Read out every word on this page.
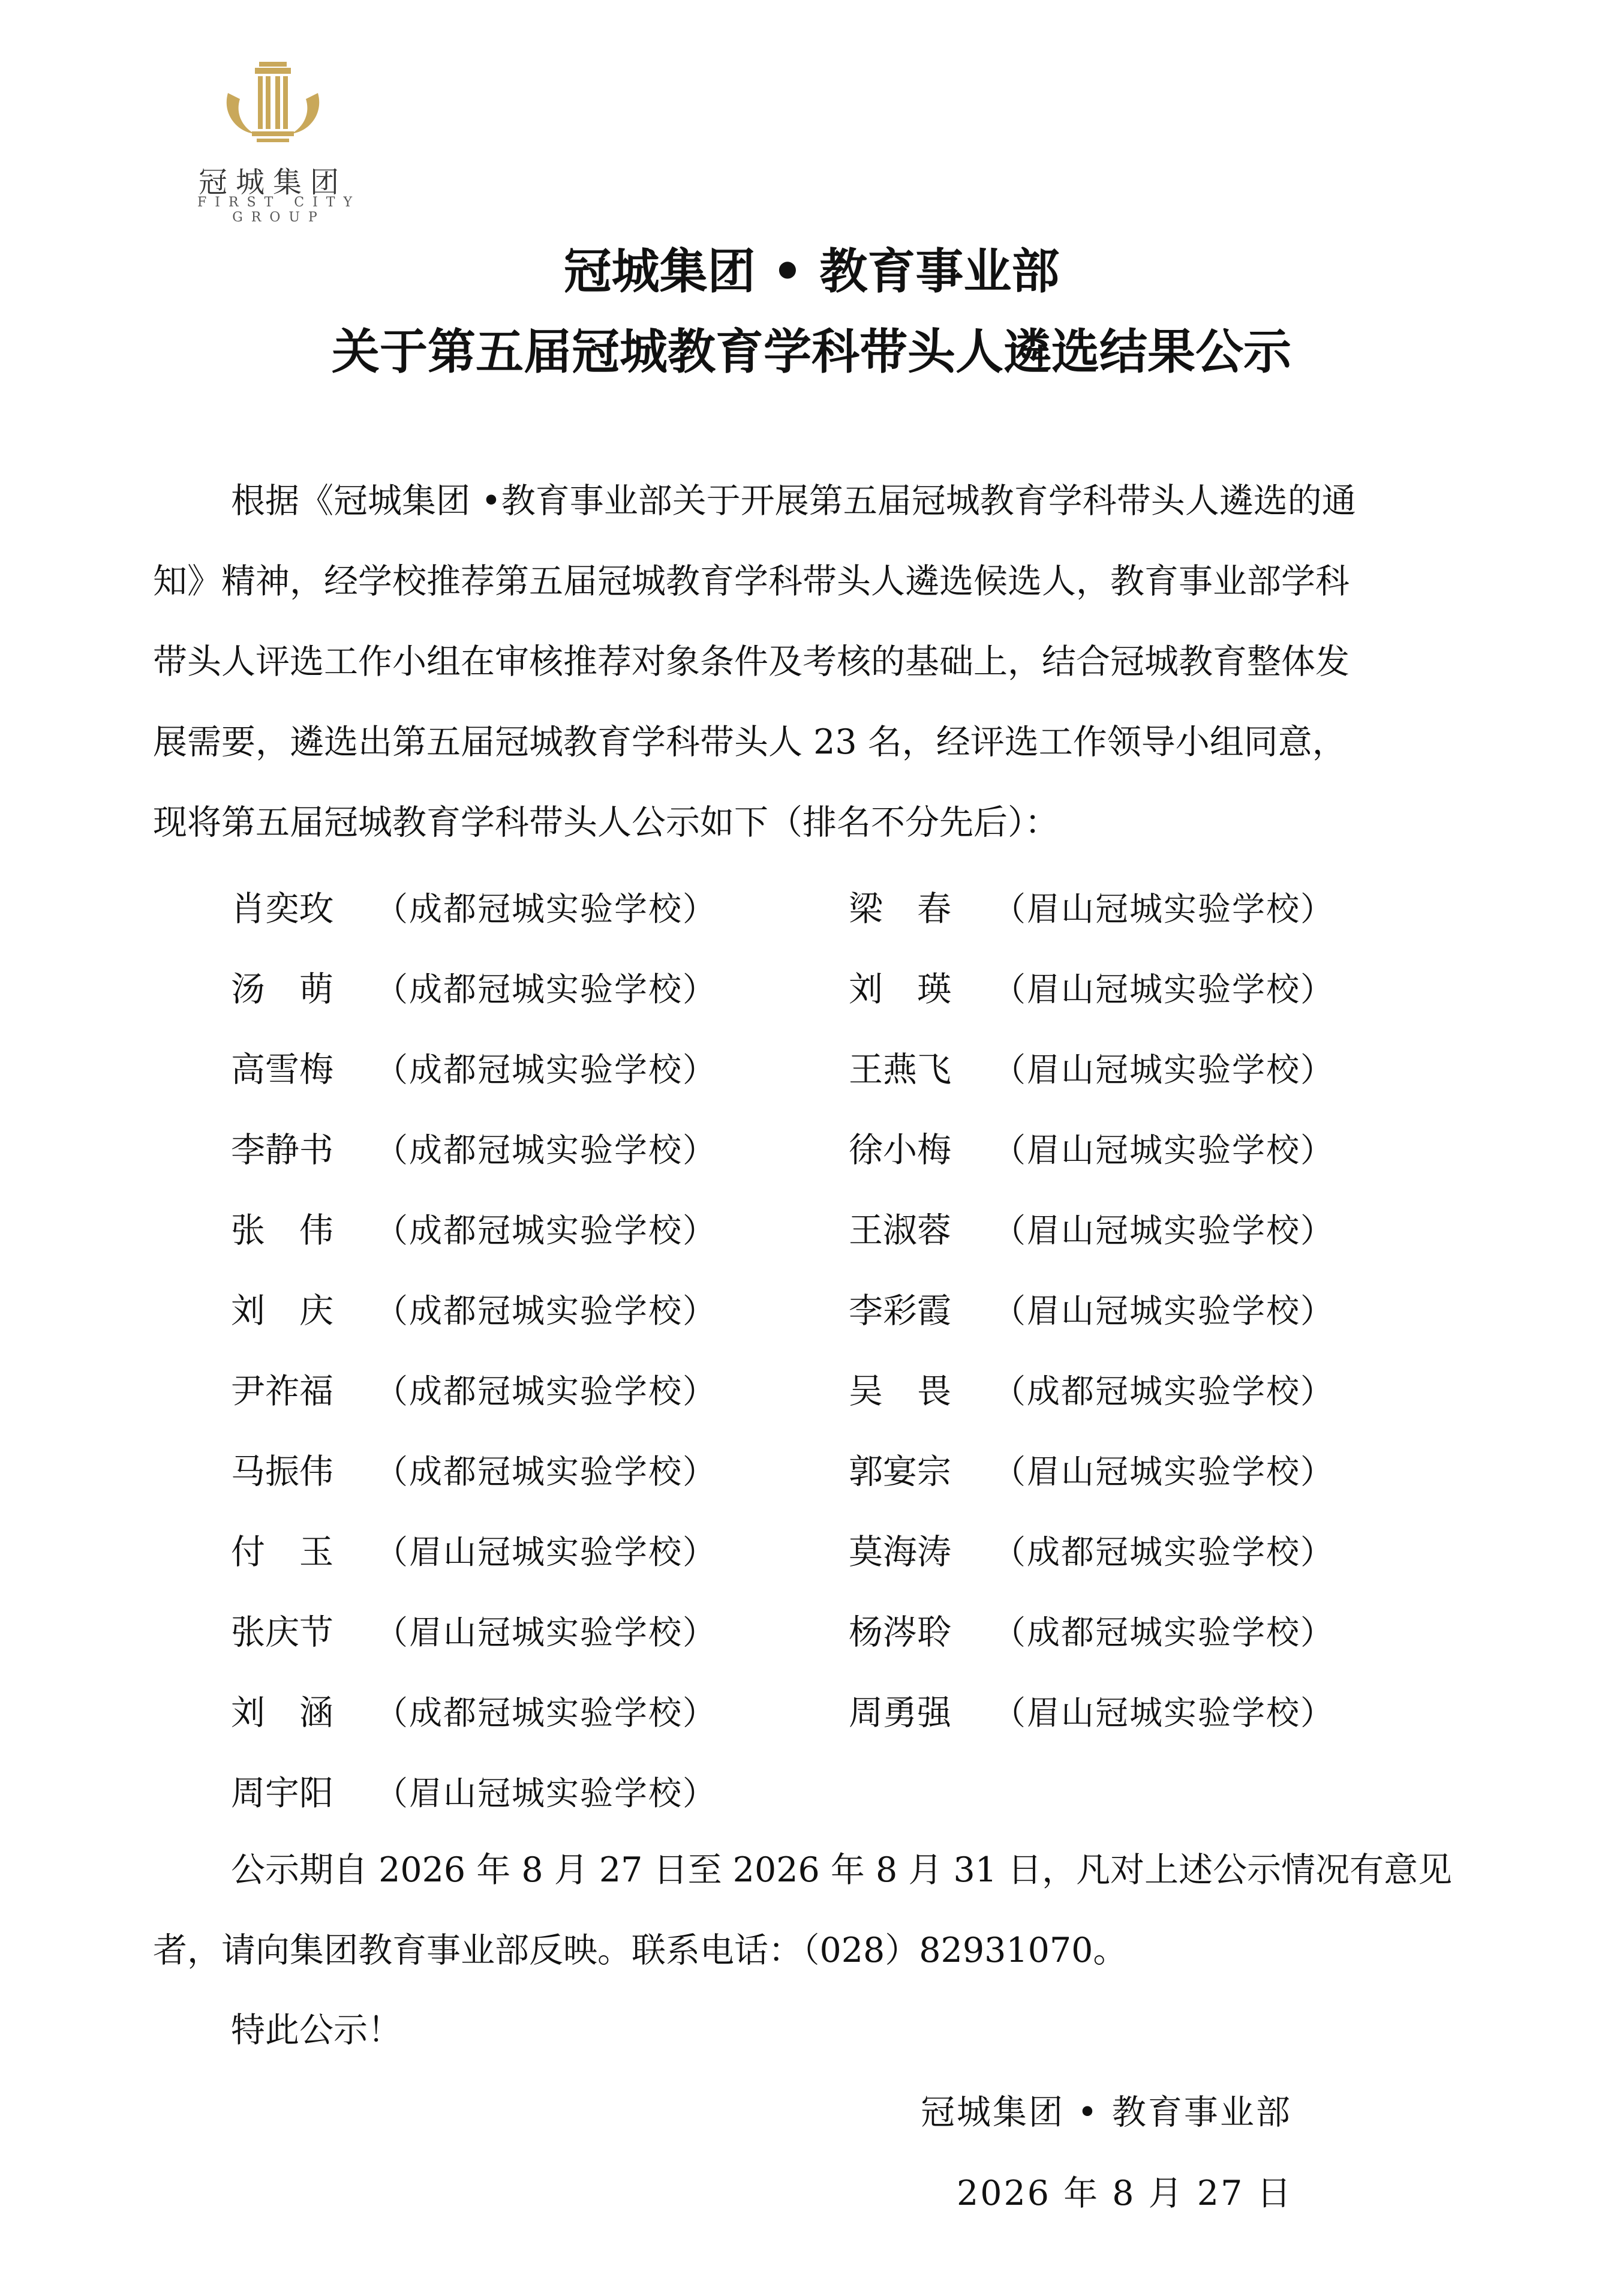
冠城集团
FIRST CITY GROUP
冠城集团 • 教育事业部
关于第五届冠城教育学科带头人遴选结果公示
根据《冠城集团 •教育事业部关于开展第五届冠城教育学科带头人遴选的通
知》精神，经学校推荐第五届冠城教育学科带头人遴选候选人，教育事业部学科
带头人评选工作小组在审核推荐对象条件及考核的基础上，结合冠城教育整体发
展需要，遴选出第五届冠城教育学科带头人 23 名，经评选工作领导小组同意，
现将第五届冠城教育学科带头人公示如下（排名不分先后）：
肖奕玫 （成都冠城实验学校）	梁　春 （眉山冠城实验学校）
汤　萌 （成都冠城实验学校）	刘　瑛 （眉山冠城实验学校）
高雪梅 （成都冠城实验学校）	王燕飞 （眉山冠城实验学校）
李静书 （成都冠城实验学校）	徐小梅 （眉山冠城实验学校）
张　伟 （成都冠城实验学校）	王淑蓉 （眉山冠城实验学校）
刘　庆 （成都冠城实验学校）	李彩霞 （眉山冠城实验学校）
尹祚福 （成都冠城实验学校）	吴　畏 （成都冠城实验学校）
马振伟 （成都冠城实验学校）	郭宴宗 （眉山冠城实验学校）
付　玉 （眉山冠城实验学校）	莫海涛 （成都冠城实验学校）
张庆节 （眉山冠城实验学校）	杨涔聆 （成都冠城实验学校）
刘　涵 （成都冠城实验学校）	周勇强 （眉山冠城实验学校）
周宇阳 （眉山冠城实验学校）
公示期自 2026 年 8 月 27 日至 2026 年 8 月 31 日，凡对上述公示情况有意见
者，请向集团教育事业部反映。联系电话：（028）82931070。
特此公示！
冠城集团 • 教育事业部
2026 年 8 月 27 日
